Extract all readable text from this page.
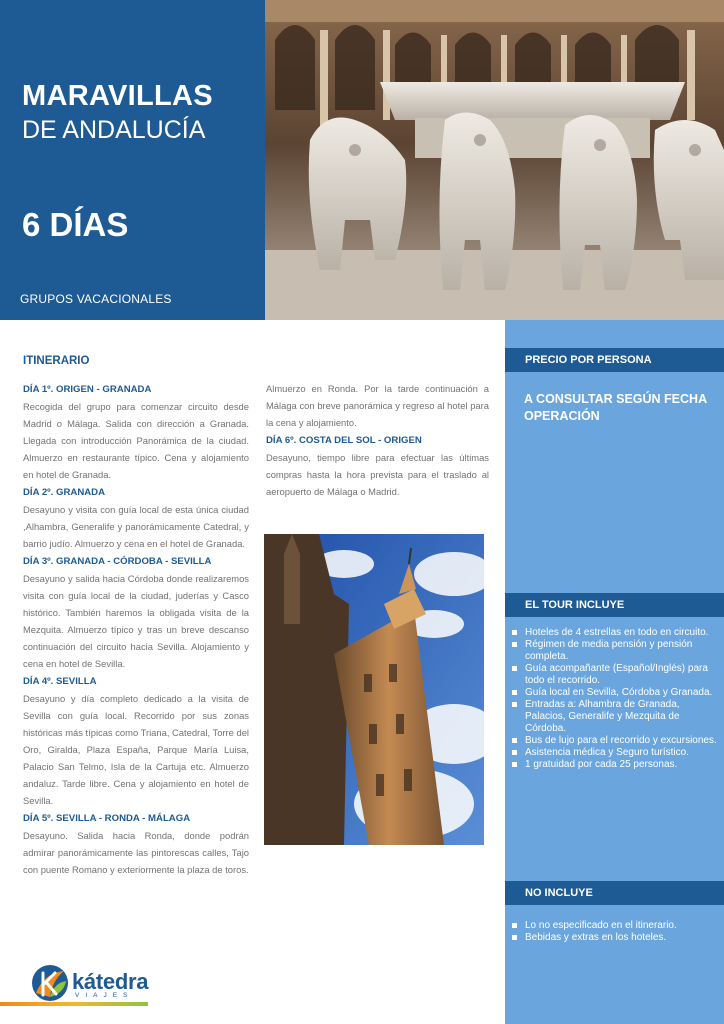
MARAVILLAS
DE ANDALUCÍA
6 DÍAS
GRUPOS VACACIONALES
ITINERARIO
DÍA 1º. ORIGEN - GRANADA
Recogida del grupo para comenzar circuito desde Madrid o Málaga. Salida con dirección a Granada. Llegada con introducción Panorámica de la ciudad. Almuerzo en restaurante típico. Cena y alojamiento en hotel de Granada.
DÍA 2º. GRANADA
Desayuno y visita con guía local de esta única ciudad ,Alhambra, Generalife y panorámicamente Catedral, y barrio judío. Almuerzo y cena en el hotel de Granada.
DÍA 3º. GRANADA - CÓRDOBA - SEVILLA
Desayuno y salida hacia Córdoba donde realizaremos visita con guía local de la ciudad, juderías y Casco histórico. También haremos la obligada visita de la Mezquita. Almuerzo típico y tras un breve descanso continuación del circuito hacia Sevilla. Alojamiento y cena en hotel de Sevilla.
DÍA 4º. SEVILLA
Desayuno y día completo dedicado a la visita de Sevilla con guía local. Recorrido por sus zonas históricas más típicas como Triana, Catedral, Torre del Oro, Giralda, Plaza España, Parque María Luisa, Palacio San Telmo, Isla de la Cartuja etc. Almuerzo andaluz. Tarde libre. Cena y alojamiento en hotel de Sevilla.
DÍA 5º. SEVILLA - RONDA - MÁLAGA
Desayuno. Salida hacia Ronda, donde podrán admirar panorámicamente las pintorescas calles, Tajo con puente Romano y exteriormente la plaza de toros.
Almuerzo en Ronda. Por la tarde continuación a Málaga con breve panorámica y regreso al hotel para la cena y alojamiento.
DÍA 6º. COSTA DEL SOL - ORIGEN
Desayuno, tiempo libre para efectuar las últimas compras hasta la hora prevista para el traslado al aeropuerto de Málaga o Madrid.
PRECIO POR PERSONA
A CONSULTAR SEGÚN FECHA OPERACIÓN
EL TOUR INCLUYE
Hoteles de 4 estrellas en todo en circuito.
Régimen de media pensión y pensión completa.
Guía acompañante (Español/Inglés) para todo el recorrido.
Guía local en Sevilla, Córdoba y Granada.
Entradas a: Alhambra de Granada, Palacios, Generalife y Mezquita de Córdoba.
Bus de lujo para el recorrido y excursiones.
Asistencia médica y Seguro turístico.
1 gratuidad por cada 25 personas.
NO INCLUYE
Lo no especificado en el itinerario.
Bebidas y extras en los hoteles.
kátedra
VIAJES
